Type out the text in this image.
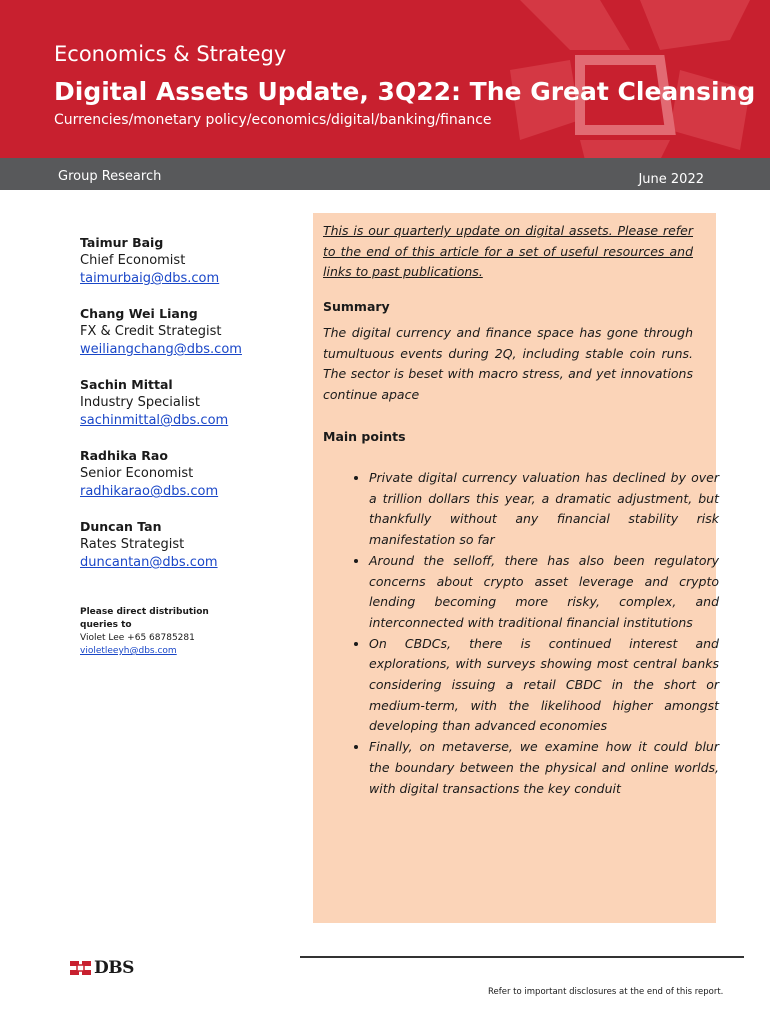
Economics & Strategy
Digital Assets Update, 3Q22: The Great Cleansing
Currencies/monetary policy/economics/digital/banking/finance
Group Research	June 2022
Taimur Baig
Chief Economist
taimurbaig@dbs.com
Chang Wei Liang
FX & Credit Strategist
weiliangchang@dbs.com
Sachin Mittal
Industry Specialist
sachinmittal@dbs.com
Radhika Rao
Senior Economist
radhikarao@dbs.com
Duncan Tan
Rates Strategist
duncantan@dbs.com
Please direct distribution queries to
Violet Lee +65 68785281
violetleeyh@dbs.com
This is our quarterly update on digital assets. Please refer to the end of this article for a set of useful resources and links to past publications.
Summary
The digital currency and finance space has gone through tumultuous events during 2Q, including stable coin runs. The sector is beset with macro stress, and yet innovations continue apace
Main points
• Private digital currency valuation has declined by over a trillion dollars this year, a dramatic adjustment, but thankfully without any financial stability risk manifestation so far
• Around the selloff, there has also been regulatory concerns about crypto asset leverage and crypto lending becoming more risky, complex, and interconnected with traditional financial institutions
• On CBDCs, there is continued interest and explorations, with surveys showing most central banks considering issuing a retail CBDC in the short or medium-term, with the likelihood higher amongst developing than advanced economies
• Finally, on metaverse, we examine how it could blur the boundary between the physical and online worlds, with digital transactions the key conduit
DBS
Refer to important disclosures at the end of this report.
